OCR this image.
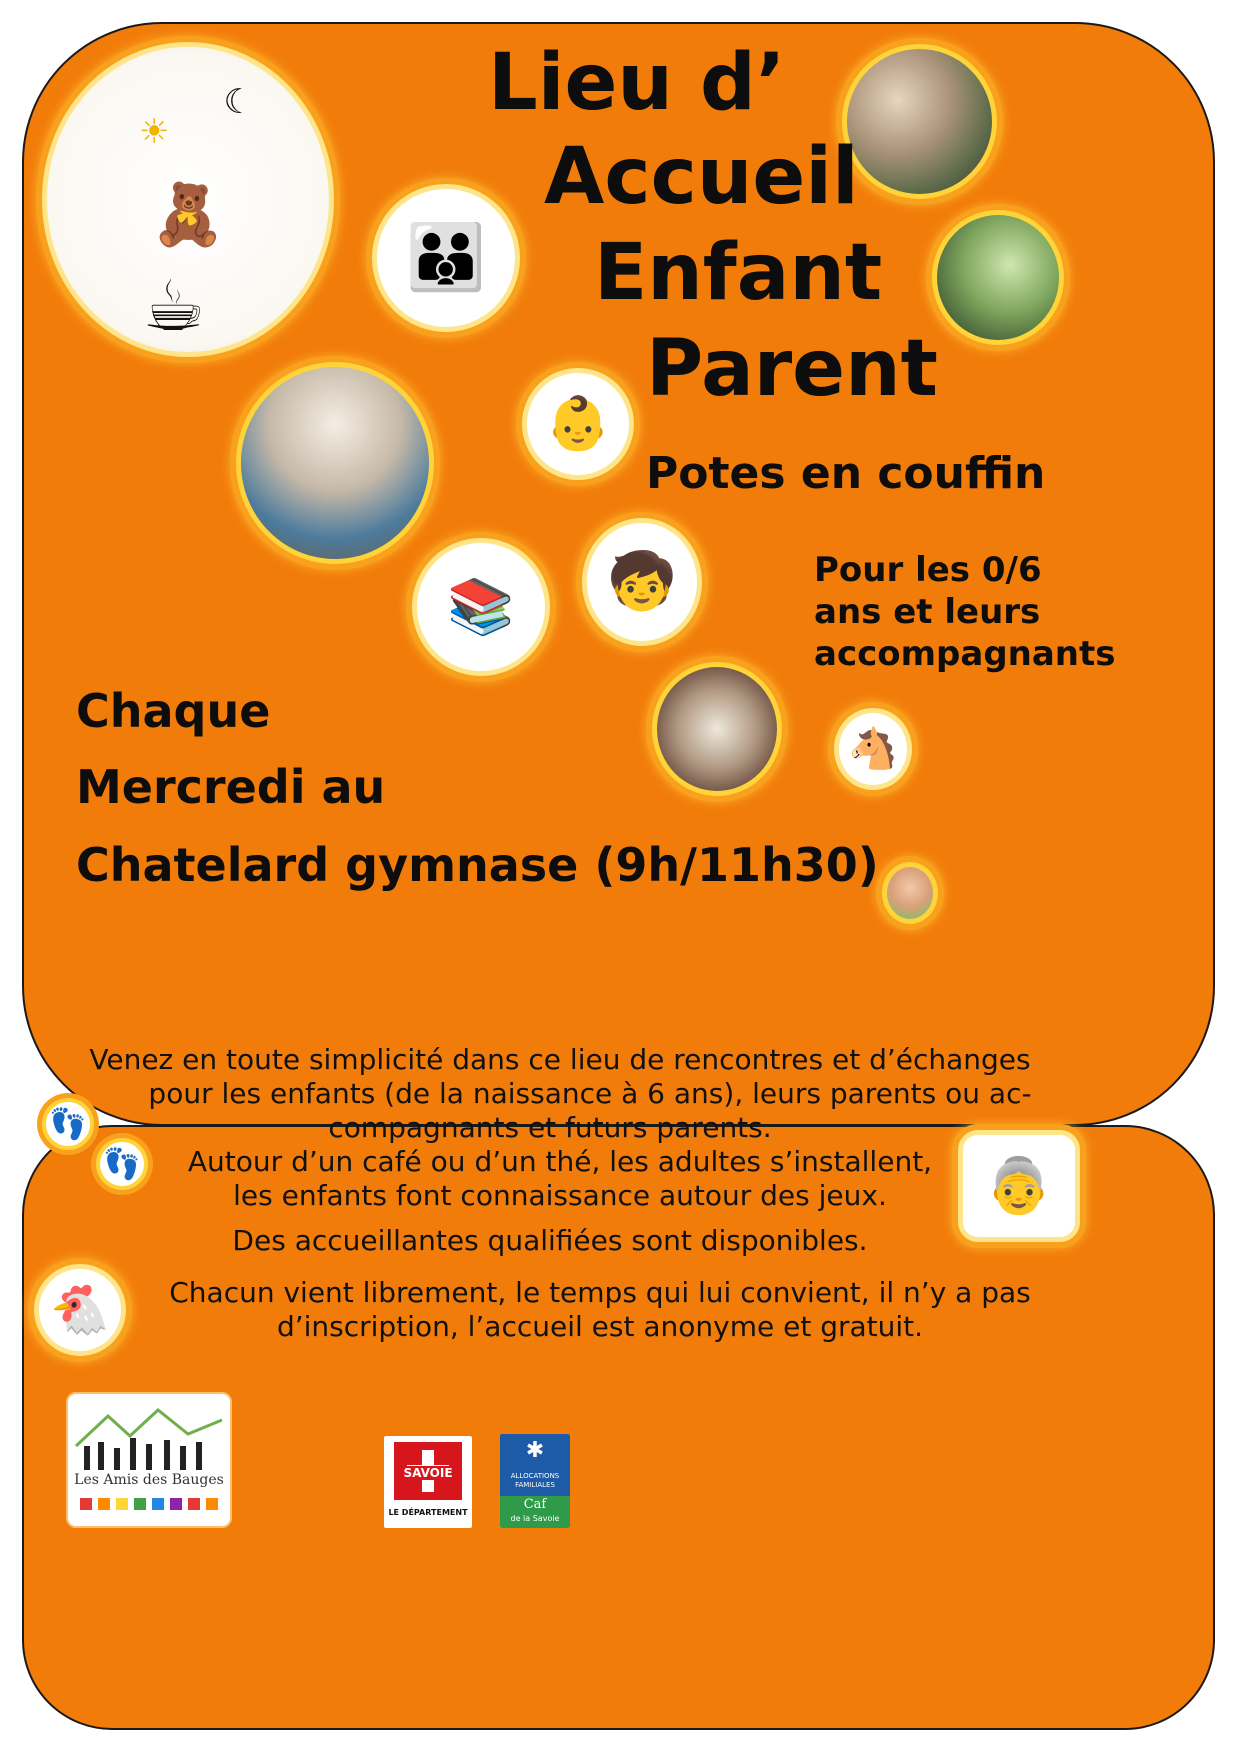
🧸
☕
☾
☀
👪
👶
📚 🧒
🐴
Lieu d’
Accueil
Enfant
Parent
Potes en couffin
Pour les 0/6
ans et leurs
accompagnants
Chaque
Mercredi au
Chatelard gymnase (9h/11h30)
👣
👣	👵
🐔
Venez en toute simplicité dans ce lieu de rencontres et d’échanges
pour les enfants (de la naissance à 6 ans), leurs parents ou ac-
compagnants et futurs parents.
Autour d’un café ou d’un thé, les adultes s’installent,
les enfants font connaissance autour des jeux.
Des accueillantes qualifiées sont disponibles.
Chacun vient librement, le temps qui lui convient, il n’y a pas
d’inscription, l’accueil est anonyme et gratuit.
Les Amis des Bauges	SAVOIE
LE DÉPARTEMENT
✱
ALLOCATIONS
FAMILIALES
Caf
de la Savoie
